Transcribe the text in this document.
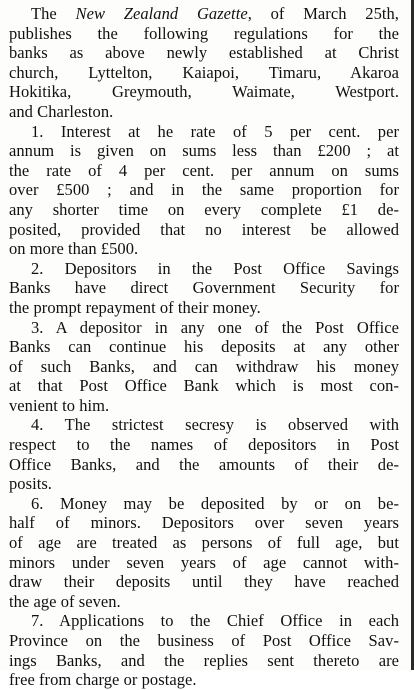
The New Zealand Gazette, of March 25th,
publishes the following regulations for the
banks as above newly established at Christ
church, Lyttelton, Kaiapoi, Timaru, Akaroa
Hokitika, Greymouth, Waimate, Westport.
and Charleston.

1. Interest at he rate of 5 per cent. per
annum is given on sums less than £200 ; at
the rate of 4 per cent. per annum on sums
over £500 ; and in the same proportion for
any shorter time on every complete £1 de-
posited, provided that no interest be allowed
on more than £500.

2. Depositors in the Post Office Savings
Banks have direct Government Security for
the prompt repayment of their money.

3. A depositor in any one of the Post Office
Banks can continue his deposits at any other
of such Banks, and can withdraw his money
at that Post Office Bank which is most con-
venient to him.

4. The strictest secresy is observed with
respect to the names of depositors in Post
Office Banks, and the amounts of their de-
posits.

6. Money may be deposited by or on be-
half of minors. Depositors over seven years
of age are treated as persons of full age, but
minors under seven years of age cannot with-
draw their deposits until they have reached
the age of seven.

7. Applications to the Chief Office in each
Province on the business of Post Office Sav-
ings Banks, and the replies sent thereto are
free from charge or postage.
